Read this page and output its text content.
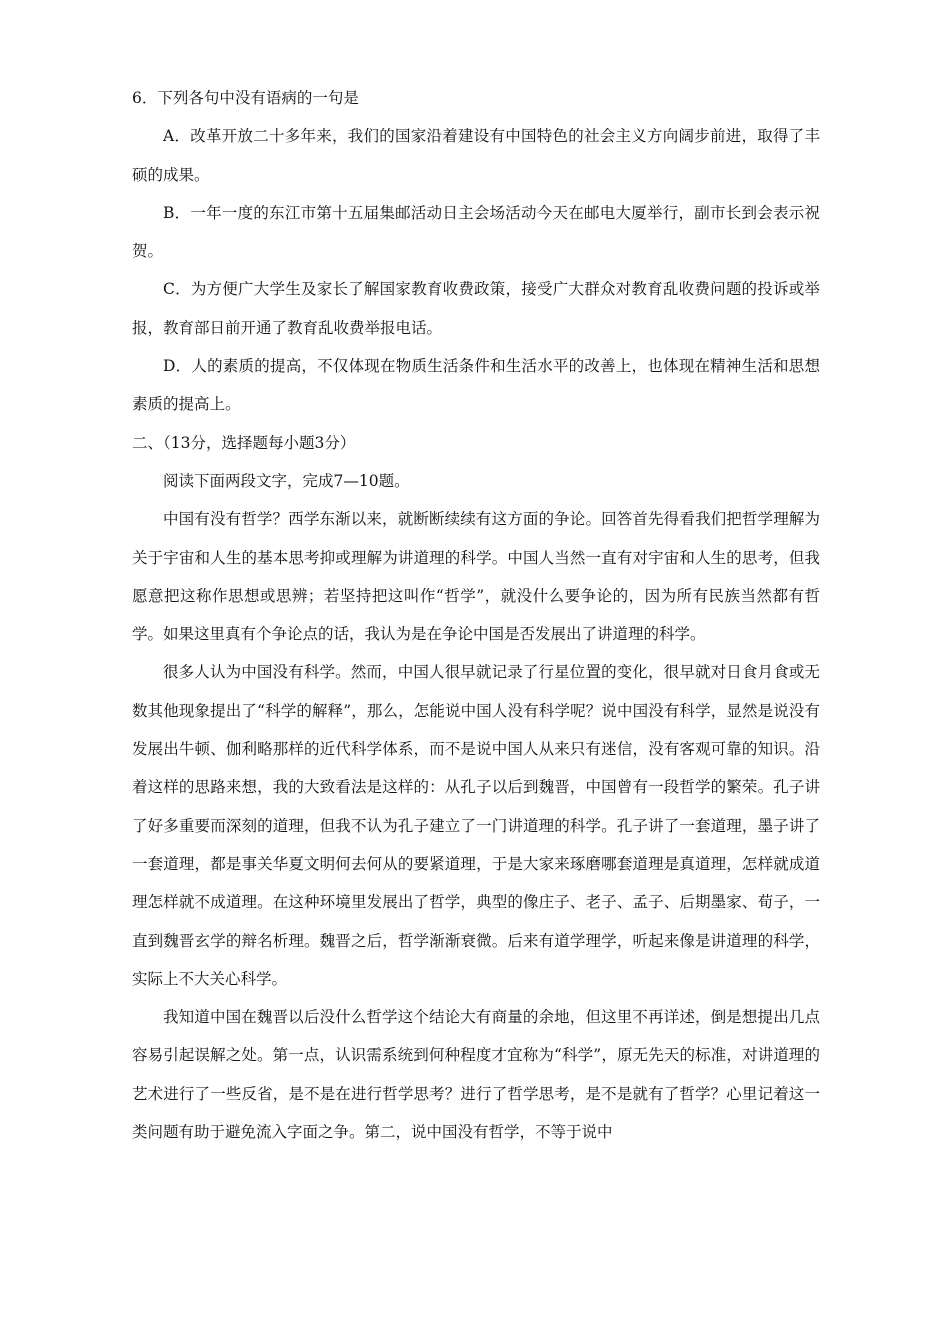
6．下列各句中没有语病的一句是

A．改革开放二十多年来，我们的国家沿着建设有中国特色的社会主义方向阔步前进，取得了丰硕的成果。

B．一年一度的东江市第十五届集邮活动日主会场活动今天在邮电大厦举行，副市长到会表示祝贺。

C．为方便广大学生及家长了解国家教育收费政策，接受广大群众对教育乱收费问题的投诉或举报，教育部日前开通了教育乱收费举报电话。

D．人的素质的提高，不仅体现在物质生活条件和生活水平的改善上，也体现在精神生活和思想素质的提高上。

二、（13分，选择题每小题3分）

阅读下面两段文字，完成7—10题。

中国有没有哲学？西学东渐以来，就断断续续有这方面的争论。回答首先得看我们把哲学理解为关于宇宙和人生的基本思考抑或理解为讲道理的科学。中国人当然一直有对宇宙和人生的思考，但我愿意把这称作思想或思辨；若坚持把这叫作“哲学”，就没什么要争论的，因为所有民族当然都有哲学。如果这里真有个争论点的话，我认为是在争论中国是否发展出了讲道理的科学。

很多人认为中国没有科学。然而，中国人很早就记录了行星位置的变化，很早就对日食月食或无数其他现象提出了“科学的解释”，那么，怎能说中国人没有科学呢？说中国没有科学，显然是说没有发展出牛顿、伽利略那样的近代科学体系，而不是说中国人从来只有迷信，没有客观可靠的知识。沿着这样的思路来想，我的大致看法是这样的：从孔子以后到魏晋，中国曾有一段哲学的繁荣。孔子讲了好多重要而深刻的道理，但我不认为孔子建立了一门讲道理的科学。孔子讲了一套道理，墨子讲了一套道理，都是事关华夏文明何去何从的要紧道理，于是大家来琢磨哪套道理是真道理，怎样就成道理怎样就不成道理。在这种环境里发展出了哲学，典型的像庄子、老子、孟子、后期墨家、荀子，一直到魏晋玄学的辩名析理。魏晋之后，哲学渐渐衰微。后来有道学理学，听起来像是讲道理的科学，实际上不大关心科学。

我知道中国在魏晋以后没什么哲学这个结论大有商量的余地，但这里不再详述，倒是想提出几点容易引起误解之处。第一点，认识需系统到何种程度才宜称为“科学”，原无先天的标准，对讲道理的艺术进行了一些反省，是不是在进行哲学思考？进行了哲学思考，是不是就有了哲学？心里记着这一类问题有助于避免流入字面之争。第二，说中国没有哲学，不等于说中
